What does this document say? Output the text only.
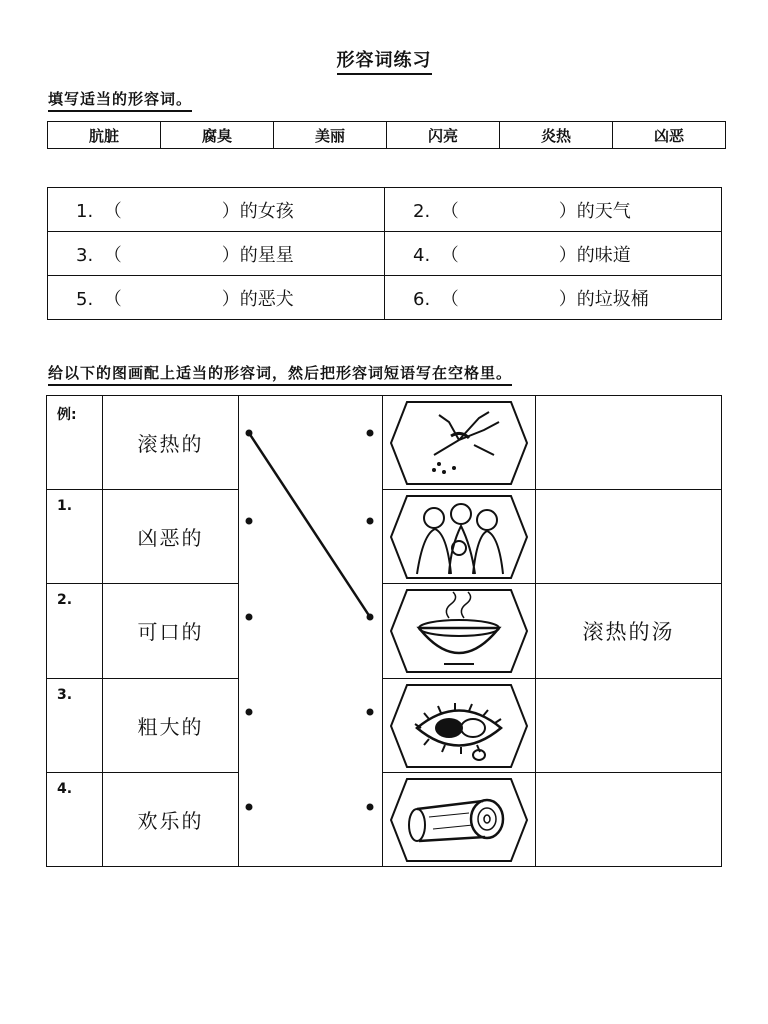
形容词练习
填写适当的形容词。
肮脏	腐臭	美丽	闪亮	炎热	凶恶
1. （ ）的女孩	2. （ ）的天气
3. （ ）的星星	4. （ ）的味道
5. （ ）的恶犬	6. （ ）的垃圾桶
给以下的图画配上适当的形容词，然后把形容词短语写在空格里。
例:	滚热的		

1.	凶恶的		

2.	可口的			滚热的汤
3.	粗大的		

4.	欢乐的		
